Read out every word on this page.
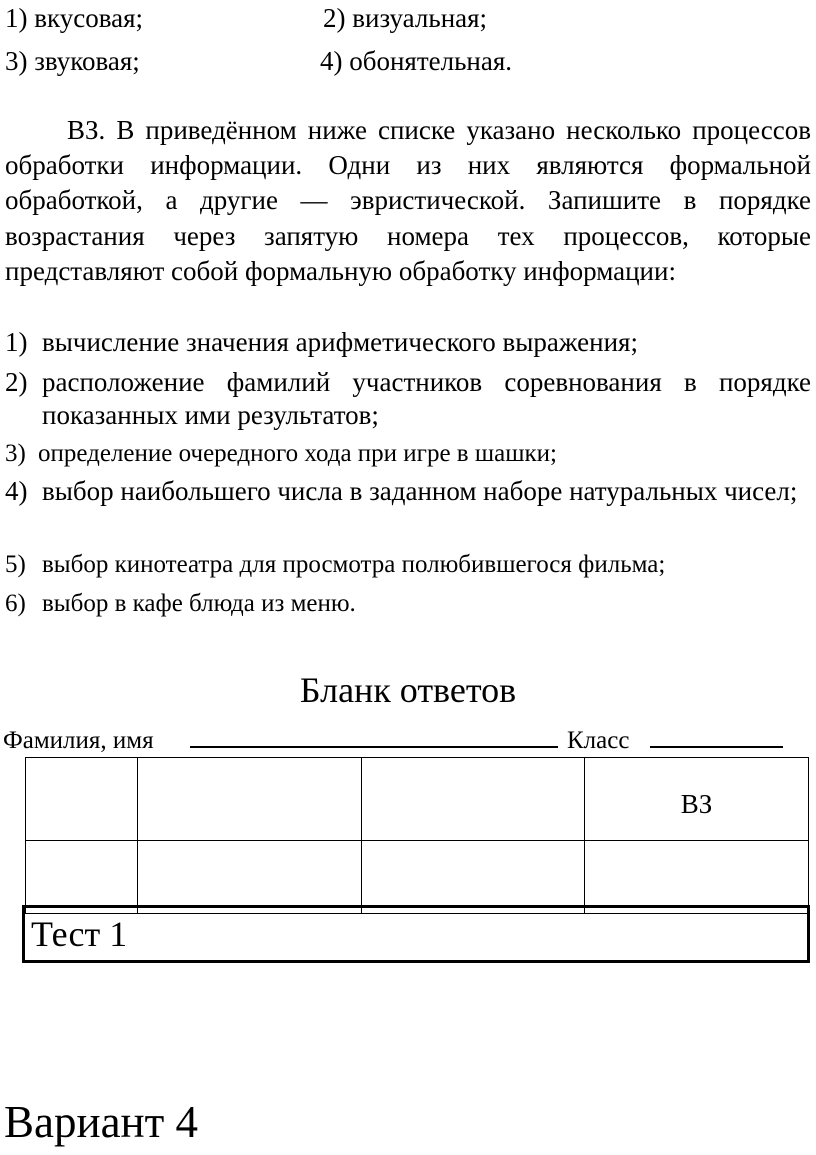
1) вкусовая;	2) визуальная;
3) звуковая;	4) обонятельная.
ВЗ. В приведённом ниже списке указано несколько процессов обработки информации. Одни из них являются формальной обработкой, а другие — эвристической. Запишите в порядке возрастания через запятую номера тех процессов, которые представляют собой формальную обработку информации:
1) вычисление значения арифметического выражения;
2) расположение фамилий участников соревнования в порядке показанных ими результатов;
3) определение очередного хода при игре в шашки;
4) выбор наибольшего числа в заданном наборе натуральных чисел;
5) выбор кинотеатра для просмотра полюбившегося фильма;
6) выбор в кафе блюда из меню.
Бланк ответов
Фамилия, имя	Класс
			ВЗ

Тест 1
Вариант 4
